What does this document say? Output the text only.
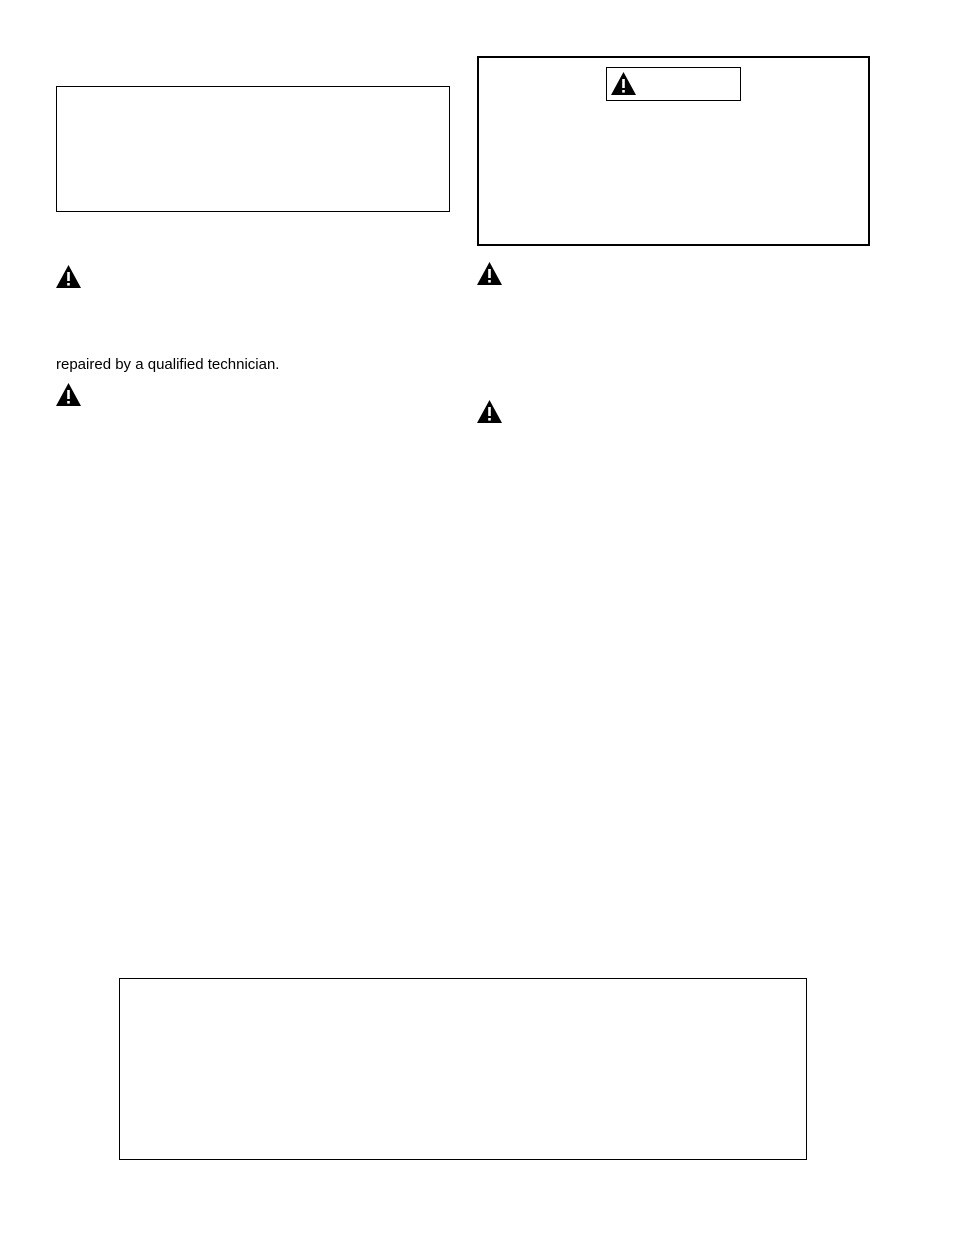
repaired by a qualified technician.
